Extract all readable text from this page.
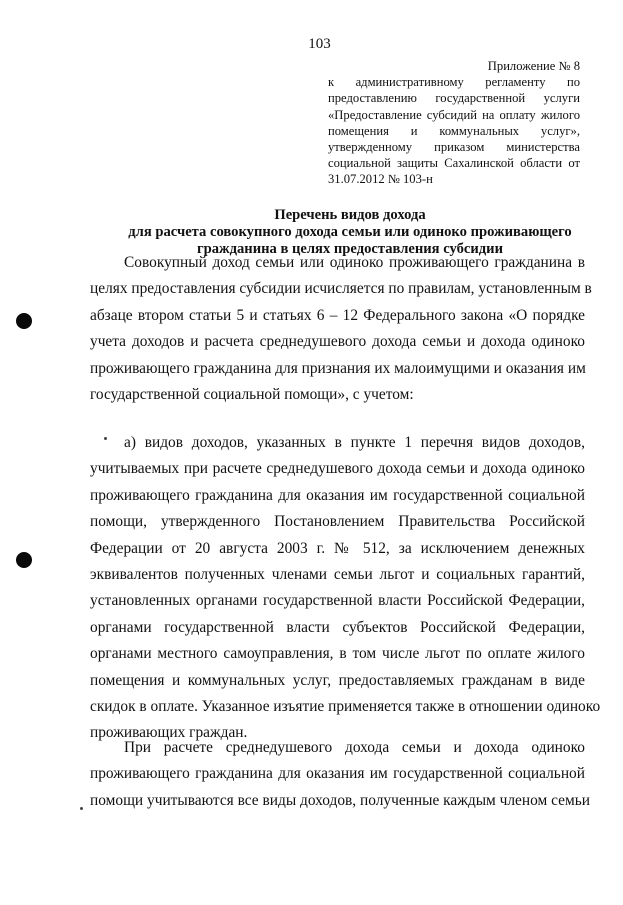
103
Приложение № 8
к административному регламенту по
предоставлению государственной услуги
«Предоставление субсидий на оплату жилого
помещения и коммунальных услуг»,
утвержденному приказом министерства
социальной защиты Сахалинской области от
31.07.2012 № 103-н
Перечень видов дохода
для расчета совокупного дохода семьи или одиноко проживающего
гражданина в целях предоставления субсидии
Совокупный доход семьи или одиноко проживающего гражданина в
целях предоставления субсидии исчисляется по правилам, установленным в
абзаце втором статьи 5 и статьях 6 – 12 Федерального закона «О порядке
учета доходов и расчета среднедушевого дохода семьи и дохода одиноко
проживающего гражданина для признания их малоимущими и оказания им
государственной социальной помощи», с учетом:
а) видов доходов, указанных в пункте 1 перечня видов доходов,
учитываемых при расчете среднедушевого дохода семьи и дохода одиноко
проживающего гражданина для оказания им государственной социальной
помощи, утвержденного Постановлением Правительства Российской
Федерации от 20 августа 2003 г. № 512, за исключением денежных
эквивалентов полученных членами семьи льгот и социальных гарантий,
установленных органами государственной власти Российской Федерации,
органами государственной власти субъектов Российской Федерации,
органами местного самоуправления, в том числе льгот по оплате жилого
помещения и коммунальных услуг, предоставляемых гражданам в виде
скидок в оплате. Указанное изъятие применяется также в отношении одиноко
проживающих граждан.
При расчете среднедушевого дохода семьи и дохода одиноко
проживающего гражданина для оказания им государственной социальной
помощи учитываются все виды доходов, полученные каждым членом семьи
